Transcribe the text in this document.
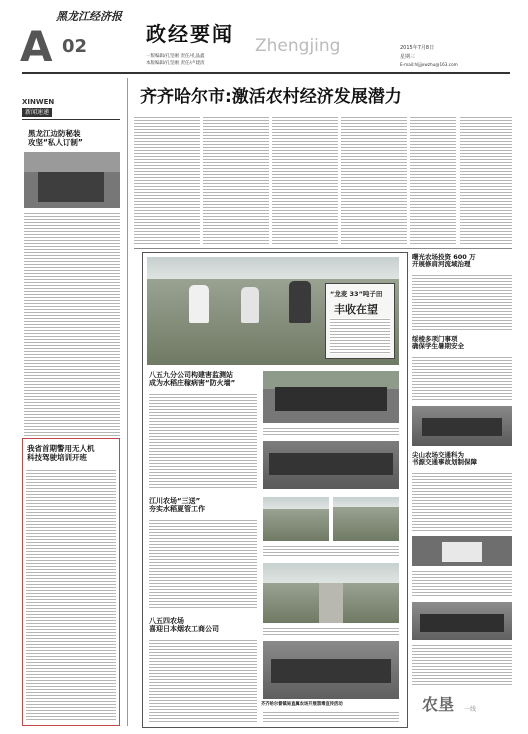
黑龙江经济报
A 02
政经要闻 Zhengjing
一版编辑/孔坚刚 责任/孔晶鑫
本版编辑/孔坚刚 责任/卢建清
2015年7月8日
星期三
E-mail:hljjjxwzhu@163.com
XINWEN
新闻速递
黑龙江边防秘装
攻坚“私人订制”
我省首期警用无人机
科技驾驶培训开班
齐齐哈尔市:激活农村经济发展潜力
“龙麦 33”吨子田
丰收在望
八五九分公司构建害监测站
成为水稻庄稼病害“防火墙”
江川农场“三送”
夯实水稻夏管工作
八五四农场
喜迎日本烟农工商公司
齐齐哈尔督镇局直属农场开展禁毒宣传活动
曙光农场投资 600 万
开展修肩河流域治理
绥棱多项门事项
确保学生暑期安全
尖山农场交通科为
书源交通事故划制保障
农垦 一线
